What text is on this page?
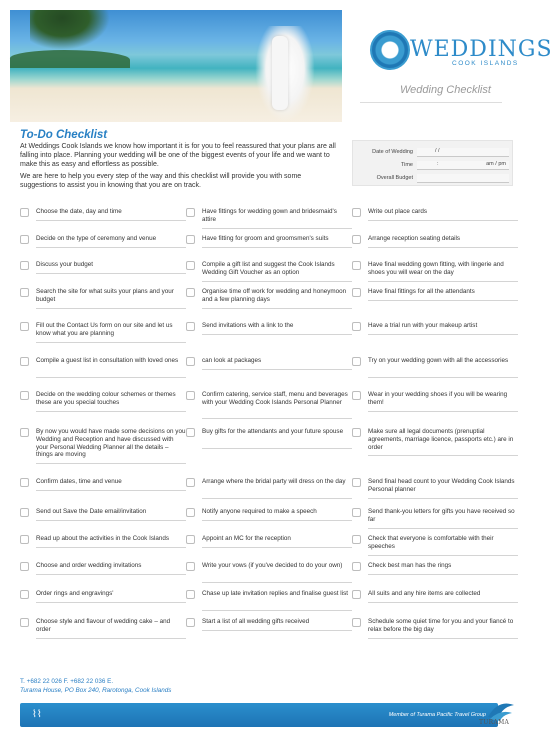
WEDDINGS
COOK ISLANDS
Wedding Checklist
To-Do Checklist
At Weddings Cook Islands we know how important it is for you to feel reassured that your plans are all falling into place. Planning your wedding will be one of the biggest events of your life and we want to make this as easy and effortless as possible.
We are here to help you every step of the way and this checklist will provide you with some suggestions to assist you in knowing that you are on track.
Date of Wedding	/ /
Time	:	am / pm
Overall Budget
Choose the date, day and time
Decide on the type of ceremony and venue
Discuss your budget
Search the site for what suits your plans and your budget
Fill out the Contact Us form on our site and let us know what you are planning
Compile a guest list in consultation with loved ones
Decide on the wedding colour schemes or themes these are you special touches
By now you would have made some decisions on you Wedding and Reception and have discussed with your Personal Wedding Planner all the details – things are moving
Confirm dates, time and venue
Send out Save the Date email/invitation
Read up about the activities in the Cook Islands
Choose and order wedding invitations
Order rings and engravings'
Choose style and flavour of wedding cake – and order
Have fittings for wedding gown and bridesmaid's attire
Have fitting for groom and groomsmen's suits
Compile a gift list and suggest the Cook Islands Wedding Gift Voucher as an option
Organise time off work for wedding and honeymoon and a few planning days
Send invitations with a link to the
can look at packages
Confirm catering, service staff, menu and beverages with your Wedding Cook Islands Personal Planner
Buy gifts for the attendants and your future spouse
Arrange where the bridal party will dress on the day
Notify anyone required to make a speech
Appoint an MC for the reception
Write your vows (if you've decided to do your own)
Chase up late invitation replies and finalise guest list
Start a list of all wedding gifts received
Write out place cards
Arrange reception seating details
Have final wedding gown fitting, with lingerie and shoes you will wear on the day
Have final fittings for all the attendants
Have a trial run with your makeup artist
Try on your wedding gown with all the accessories
Wear in your wedding shoes if you will be wearing them!
Make sure all legal documents (prenuptial agreements, marriage licence, passports etc.) are in order
Send final head count to your Wedding Cook Islands Personal planner
Send thank-you letters for gifts you have received so far
Check that everyone is comfortable with their speeches
Check best man has the rings
All suits and any hire items are collected
Schedule some quiet time for you and your fiancé to relax before the big day
T. +682 22 026 F. +682 22 036 E.
Turama House, PO Box 240, Rarotonga, Cook Islands
⌇⌇	Member of Turama Pacific Travel Group
TURAMA
